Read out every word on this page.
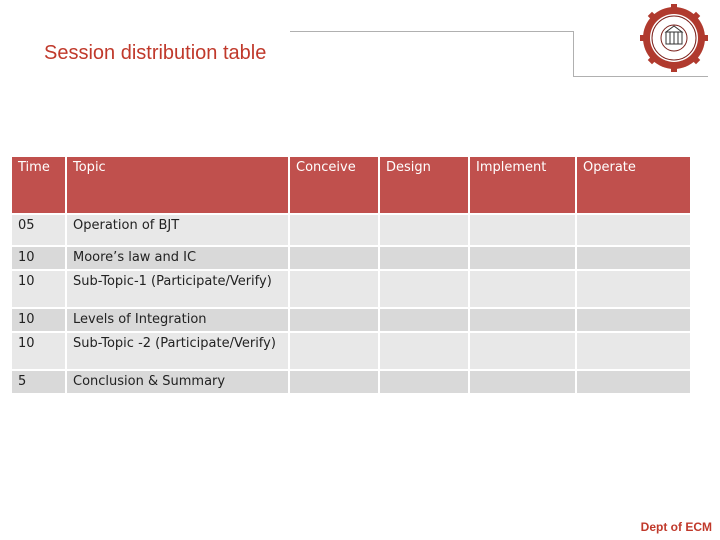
Session distribution table
Time	Topic	Conceive	Design	Implement	Operate
05	Operation of BJT				
10	Moore’s law and IC				
10	Sub-Topic-1 (Participate/Verify)				
10	Levels of Integration				
10	Sub-Topic -2 (Participate/Verify)				
5	Conclusion & Summary				
Dept of ECM
